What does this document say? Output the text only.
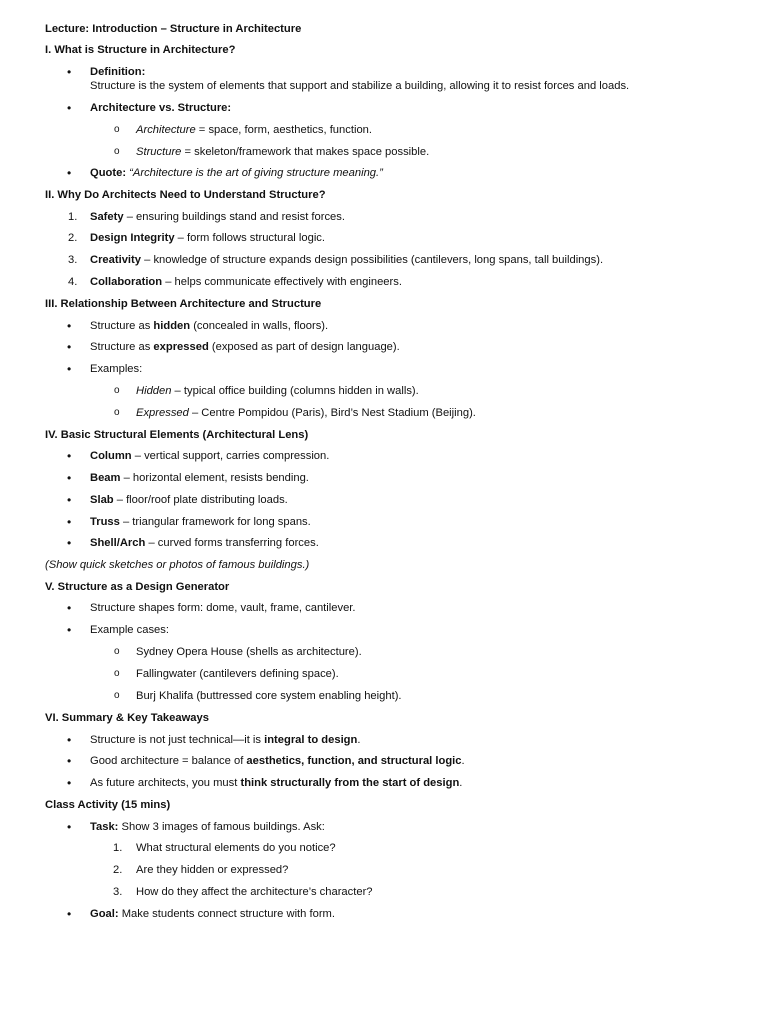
Lecture: Introduction – Structure in Architecture
I. What is Structure in Architecture?
• Definition:
Structure is the system of elements that support and stabilize a building, allowing it to resist forces and loads.
• Architecture vs. Structure:
o Architecture = space, form, aesthetics, function.
o Structure = skeleton/framework that makes space possible.
• Quote: “Architecture is the art of giving structure meaning.”
II. Why Do Architects Need to Understand Structure?
1. Safety – ensuring buildings stand and resist forces.
2. Design Integrity – form follows structural logic.
3. Creativity – knowledge of structure expands design possibilities (cantilevers, long spans, tall buildings).
4. Collaboration – helps communicate effectively with engineers.
III. Relationship Between Architecture and Structure
• Structure as hidden (concealed in walls, floors).
• Structure as expressed (exposed as part of design language).
• Examples:
o Hidden – typical office building (columns hidden in walls).
o Expressed – Centre Pompidou (Paris), Bird’s Nest Stadium (Beijing).
IV. Basic Structural Elements (Architectural Lens)
• Column – vertical support, carries compression.
• Beam – horizontal element, resists bending.
• Slab – floor/roof plate distributing loads.
• Truss – triangular framework for long spans.
• Shell/Arch – curved forms transferring forces.
(Show quick sketches or photos of famous buildings.)
V. Structure as a Design Generator
• Structure shapes form: dome, vault, frame, cantilever.
• Example cases:
o Sydney Opera House (shells as architecture).
o Fallingwater (cantilevers defining space).
o Burj Khalifa (buttressed core system enabling height).
VI. Summary & Key Takeaways
• Structure is not just technical—it is integral to design.
• Good architecture = balance of aesthetics, function, and structural logic.
• As future architects, you must think structurally from the start of design.
Class Activity (15 mins)
• Task: Show 3 images of famous buildings. Ask:
1. What structural elements do you notice?
2. Are they hidden or expressed?
3. How do they affect the architecture’s character?
• Goal: Make students connect structure with form.
